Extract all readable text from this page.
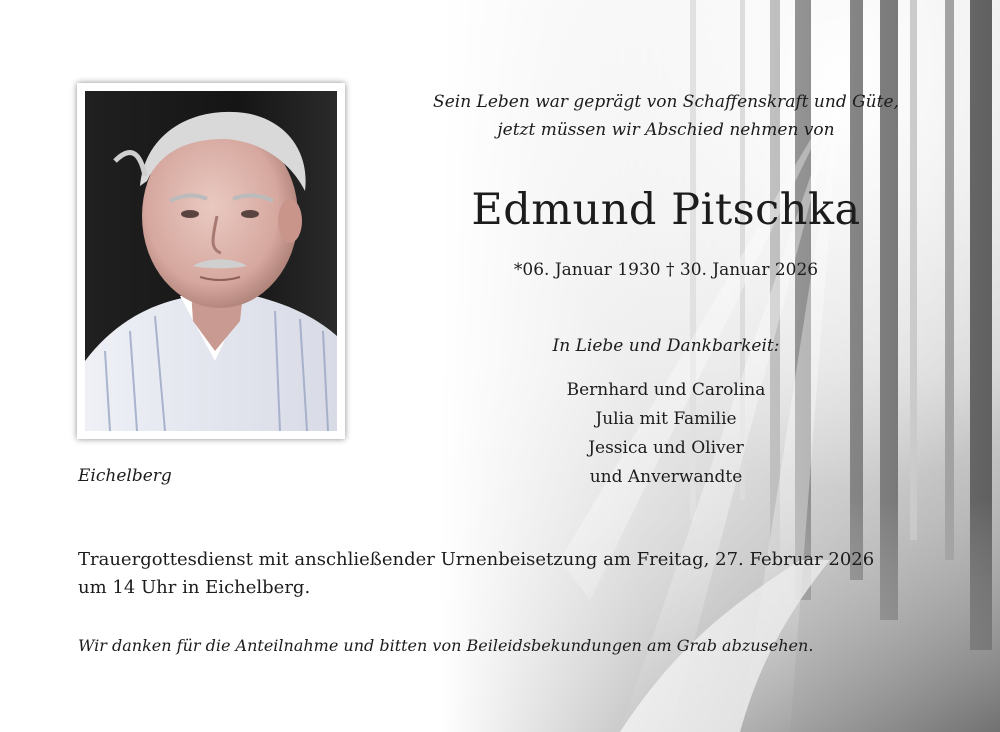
Sein Leben war geprägt von Schaffenskraft und Güte,
jetzt müssen wir Abschied nehmen von
Edmund Pitschka
*06. Januar 1930 † 30. Januar 2026
In Liebe und Dankbarkeit:
Bernhard und Carolina
Julia mit Familie
Jessica und Oliver
und Anverwandte
Eichelberg
Trauergottesdienst mit anschließender Urnenbeisetzung am Freitag, 27. Februar 2026
um 14 Uhr in Eichelberg.
Wir danken für die Anteilnahme und bitten von Beileidsbekundungen am Grab abzusehen.
